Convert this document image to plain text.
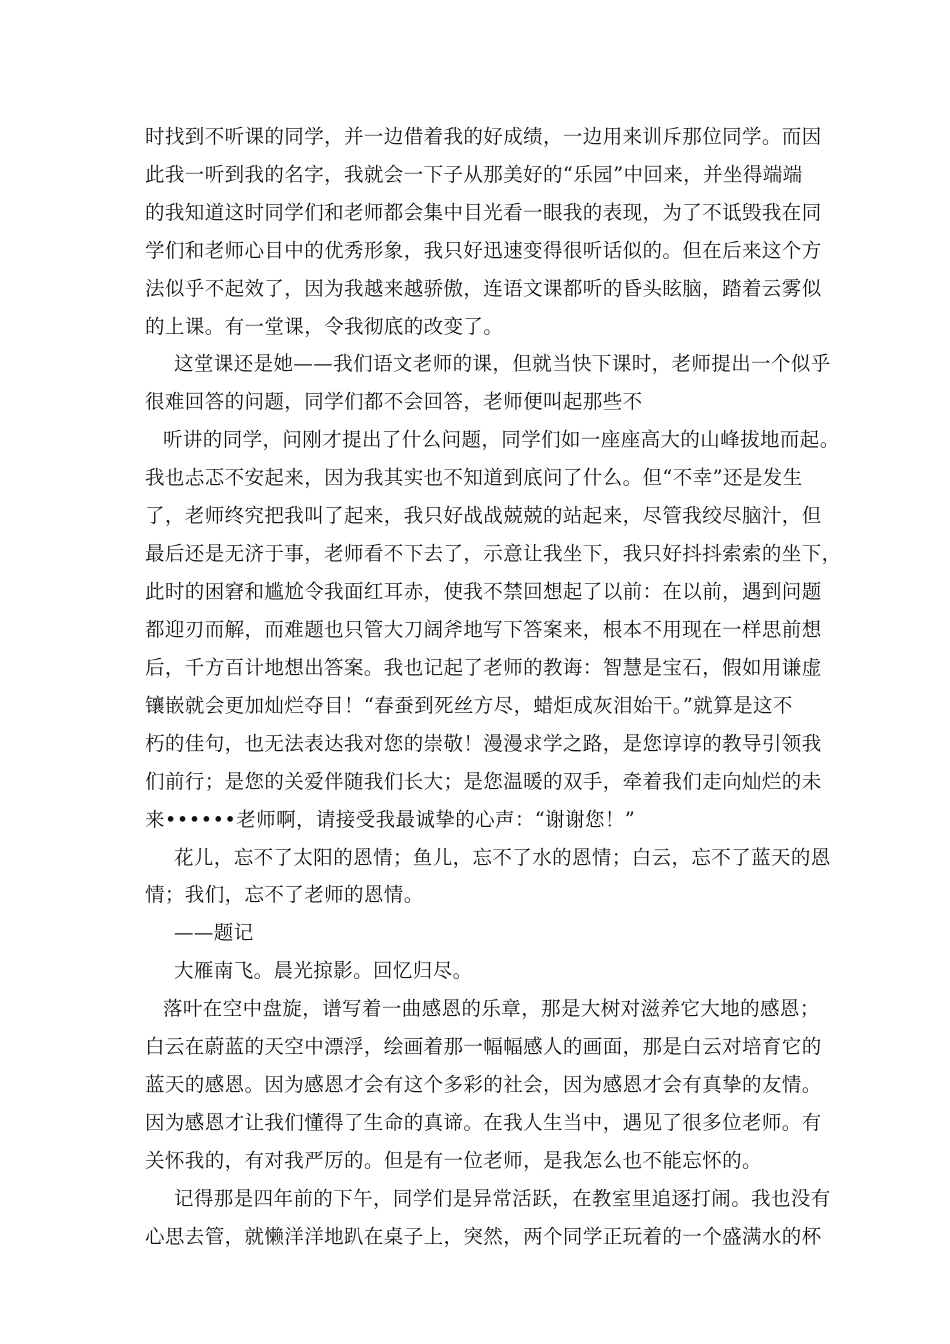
时找到不听课的同学，并一边借着我的好成绩，一边用来训斥那位同学。而因
此我一听到我的名字，我就会一下子从那美好的“乐园”中回来，并坐得端端
的我知道这时同学们和老师都会集中目光看一眼我的表现，为了不诋毁我在同
学们和老师心目中的优秀形象，我只好迅速变得很听话似的。但在后来这个方
法似乎不起效了，因为我越来越骄傲，连语文课都听的昏头眩脑，踏着云雾似
的上课。有一堂课，令我彻底的改变了。
这堂课还是她——我们语文老师的课，但就当快下课时，老师提出一个似乎
很难回答的问题，同学们都不会回答，老师便叫起那些不
听讲的同学，问刚才提出了什么问题，同学们如一座座高大的山峰拔地而起。
我也忐忑不安起来，因为我其实也不知道到底问了什么。但“不幸”还是发生
了，老师终究把我叫了起来，我只好战战兢兢的站起来，尽管我绞尽脑汁，但
最后还是无济于事，老师看不下去了，示意让我坐下，我只好抖抖索索的坐下，
此时的困窘和尴尬令我面红耳赤，使我不禁回想起了以前：在以前，遇到问题
都迎刃而解，而难题也只管大刀阔斧地写下答案来，根本不用现在一样思前想
后，千方百计地想出答案。我也记起了老师的教诲：智慧是宝石，假如用谦虚
镶嵌就会更加灿烂夺目！“春蚕到死丝方尽，蜡炬成灰泪始干。”就算是这不
朽的佳句，也无法表达我对您的崇敬！漫漫求学之路，是您谆谆的教导引领我
们前行；是您的关爱伴随我们长大；是您温暖的双手，牵着我们走向灿烂的未
来••••••老师啊，请接受我最诚挚的心声：“谢谢您！”
花儿，忘不了太阳的恩情；鱼儿，忘不了水的恩情；白云，忘不了蓝天的恩
情；我们，忘不了老师的恩情。
——题记
大雁南飞。晨光掠影。回忆归尽。
落叶在空中盘旋，谱写着一曲感恩的乐章，那是大树对滋养它大地的感恩；
白云在蔚蓝的天空中漂浮，绘画着那一幅幅感人的画面，那是白云对培育它的
蓝天的感恩。因为感恩才会有这个多彩的社会，因为感恩才会有真挚的友情。
因为感恩才让我们懂得了生命的真谛。在我人生当中，遇见了很多位老师。有
关怀我的，有对我严厉的。但是有一位老师，是我怎么也不能忘怀的。
记得那是四年前的下午，同学们是异常活跃，在教室里追逐打闹。我也没有
心思去管，就懒洋洋地趴在桌子上，突然，两个同学正玩着的一个盛满水的杯
